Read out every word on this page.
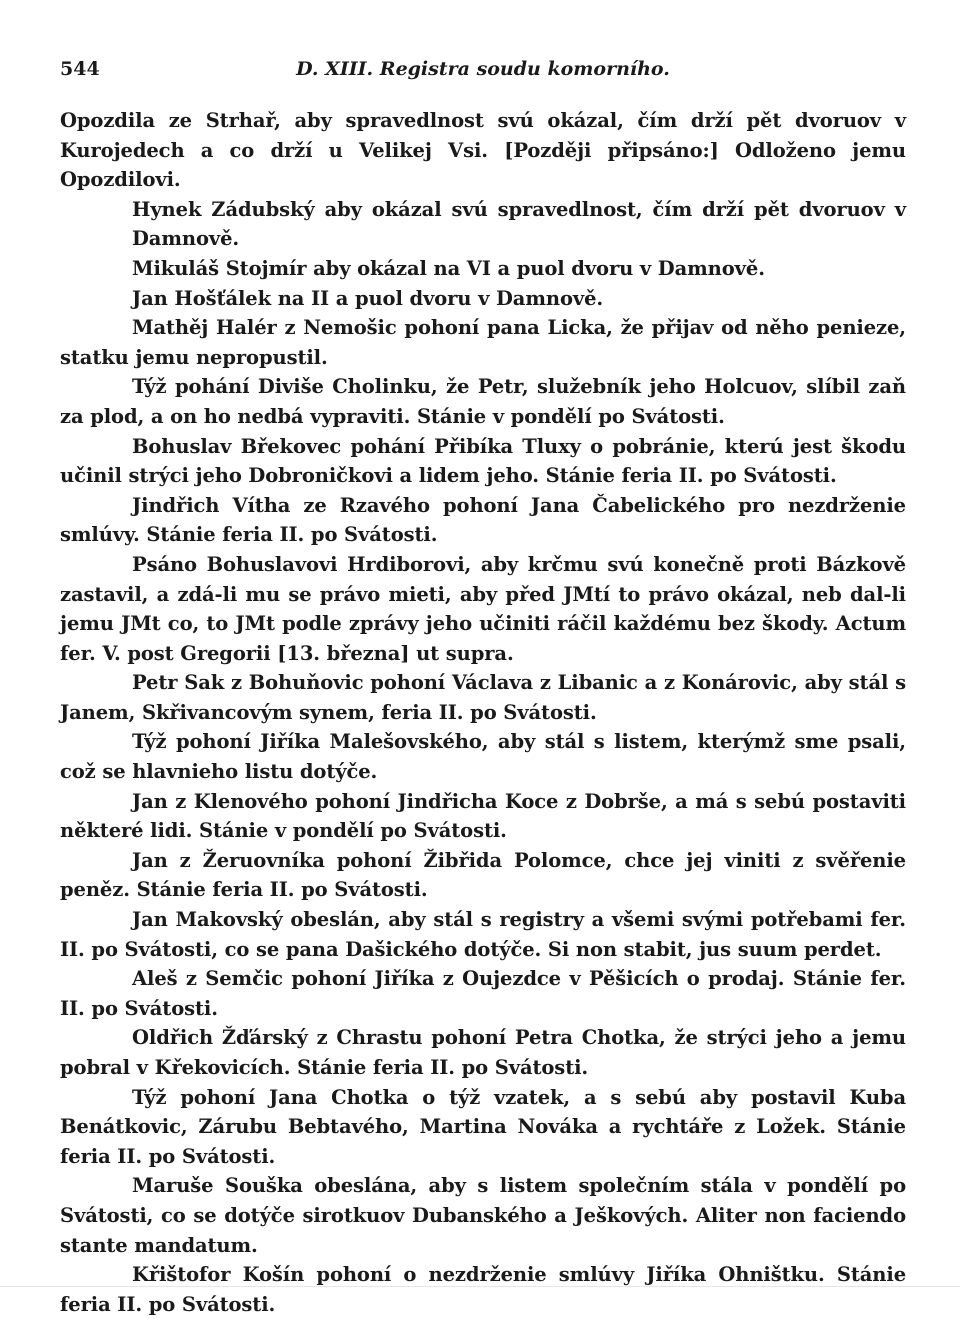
544	D. XIII. Registra soudu komorního.

Opozdila ze Strhař, aby spravedlnost svú okázal, čím drží pět dvoruov v Kurojedech a co drží u Velikej Vsi. [Později připsáno:] Odloženo jemu Opozdilovi.

Hynek Zádubský aby okázal svú spravedlnost, čím drží pět dvoruov v Damnově.

Mikuláš Stojmír aby okázal na VI a puol dvoru v Damnově.

Jan Hošťálek na II a puol dvoru v Damnově.

Mathěj Halér z Nemošic pohoní pana Licka, že přijav od něho penieze, statku jemu nepropustil.

Týž pohání Diviše Cholinku, že Petr, služebník jeho Holcuov, slíbil zaň za plod, a on ho nedbá vypraviti. Stánie v pondělí po Svátosti.

Bohuslav Břekovec pohání Přibíka Tluxy o pobránie, kterú jest škodu učinil strýci jeho Dobroničkovi a lidem jeho. Stánie feria II. po Svátosti.

Jindřich Vítha ze Rzavého pohoní Jana Čabelického pro nezdrženie smlúvy. Stánie feria II. po Svátosti.

Psáno Bohuslavovi Hrdiborovi, aby krčmu svú konečně proti Bázkově zastavil, a zdá-li mu se právo mieti, aby před JMtí to právo okázal, neb dal-li jemu JMt co, to JMt podle zprávy jeho učiniti ráčil každému bez škody. Actum fer. V. post Gregorii [13. března] ut supra.

Petr Sak z Bohuňovic pohoní Václava z Libanic a z Konárovic, aby stál s Janem, Skřivancovým synem, feria II. po Svátosti.

Týž pohoní Jiříka Malešovského, aby stál s listem, kterýmž sme psali, což se hlavnieho listu dotýče.

Jan z Klenového pohoní Jindřicha Koce z Dobrše, a má s sebú postaviti některé lidi. Stánie v pondělí po Svátosti.

Jan z Žeruovníka pohoní Žibřida Polomce, chce jej viniti z svěřenie peněz. Stánie feria II. po Svátosti.

Jan Makovský obeslán, aby stál s registry a všemi svými potřebami fer. II. po Svátosti, co se pana Dašického dotýče. Si non stabit, jus suum perdet.

Aleš z Semčic pohoní Jiříka z Oujezdce v Pěšicích o prodaj. Stánie fer. II. po Svátosti.

Oldřich Žďárský z Chrastu pohoní Petra Chotka, že strýci jeho a jemu pobral v Křekovicích. Stánie feria II. po Svátosti.

Týž pohoní Jana Chotka o týž vzatek, a s sebú aby postavil Kuba Benátkovic, Zárubu Bebtavého, Martina Nováka a rychtáře z Ložek. Stánie feria II. po Svátosti.

Maruše Souška obeslána, aby s listem společním stála v pondělí po Svátosti, co se dotýče sirotkuov Dubanského a Ješkových. Aliter non faciendo stante mandatum.

Křištofor Košín pohoní o nezdrženie smlúvy Jiříka Ohništku. Stánie feria II. po Svátosti.
